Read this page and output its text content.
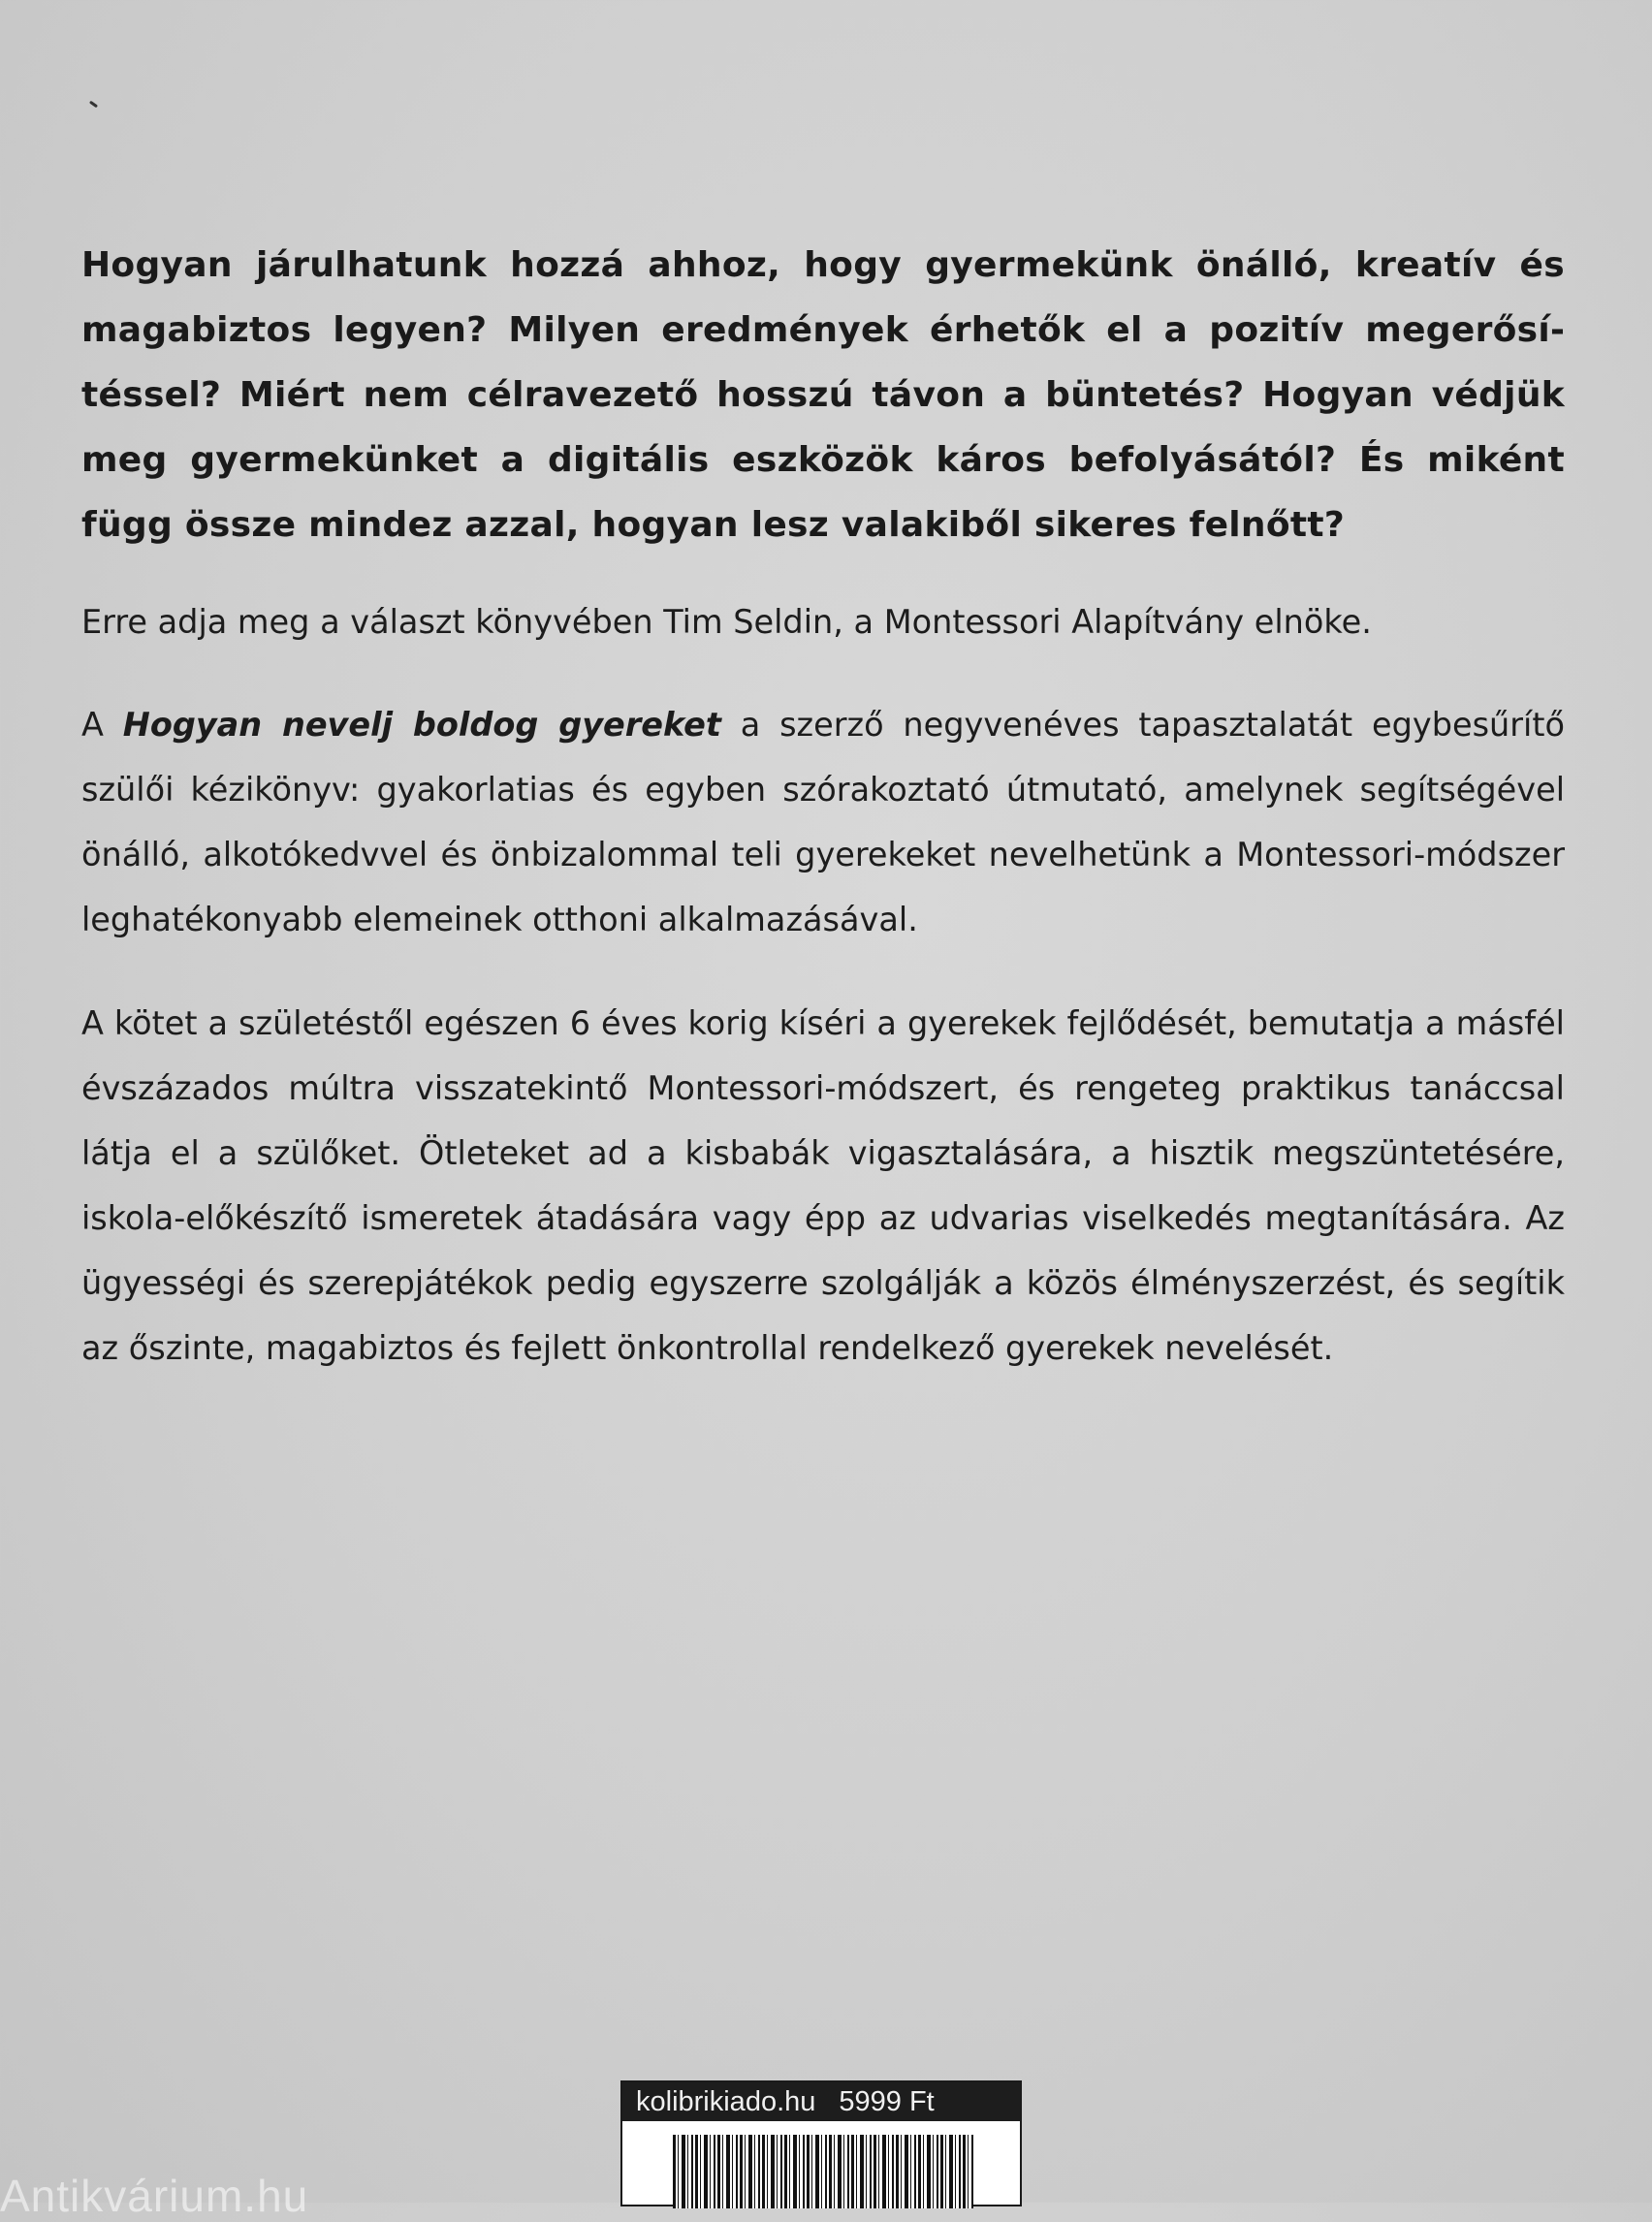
Hogyan járulhatunk hozzá ahhoz, hogy gyermekünk önálló, kreatív és magabiztos legyen? Milyen eredmények érhetők el a pozitív megerősítéssel? Miért nem célravezető hosszú távon a büntetés? Hogyan védjük meg gyermekünket a digitális eszközök káros befolyásától? És miként függ össze mindez azzal, hogyan lesz valakiből sikeres felnőtt?

Erre adja meg a választ könyvében Tim Seldin, a Montessori Alapítvány elnöke.

A Hogyan nevelj boldog gyereket a szerző negyvenéves tapasztalatát egybesűrítő szülői kézikönyv: gyakorlatias és egyben szórakoztató útmutató, amelynek segítségével önálló, alkotókedvvel és önbizalommal teli gyerekeket nevelhetünk a Montessori-módszer leghatékonyabb elemeinek otthoni alkalmazásával.

A kötet a születéstől egészen 6 éves korig kíséri a gyerekek fejlődését, bemutatja a másfél évszázados múltra visszatekintő Montessori-módszert, és rengeteg praktikus tanáccsal látja el a szülőket. Ötleteket ad a kisbabák vigasztalására, a hisztik megszüntetésére, iskola-előkészítő ismeretek átadására vagy épp az udvarias viselkedés megtanítására. Az ügyességi és szerepjátékok pedig egyszerre szolgálják a közös élményszerzést, és segítik az őszinte, magabiztos és fejlett önkontrollal rendelkező gyerekek nevelését.

kolibrikiado.hu 5999 Ft
Antikvárium.hu
